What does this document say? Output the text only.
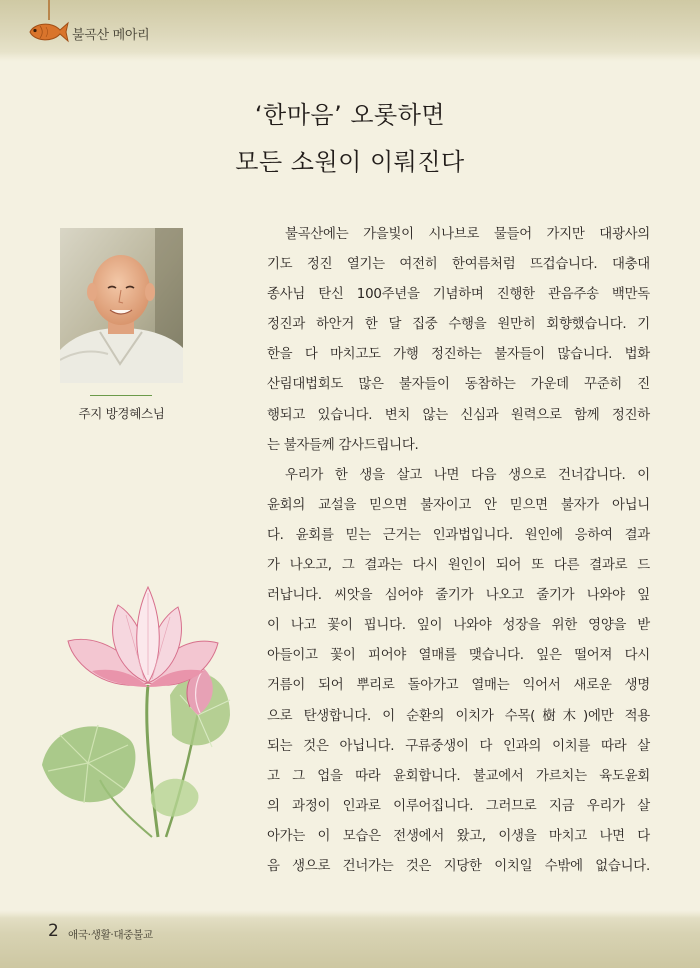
불곡산 메아리
‘한마음’ 오롯하면
모든 소원이 이뤄진다
주지 방경혜스님
불곡산에는 가을빛이 시나브로 물들어 가지만 대광사의
기도 정진 열기는 여전히 한여름처럼 뜨겁습니다. 대충대
종사님 탄신 100주년을 기념하며 진행한 관음주송 백만독
정진과 하안거 한 달 집중 수행을 원만히 회향했습니다. 기
한을 다 마치고도 가행 정진하는 불자들이 많습니다. 법화
산림대법회도 많은 불자들이 동참하는 가운데 꾸준히 진
행되고 있습니다. 변치 않는 신심과 원력으로 함께 정진하
는 불자들께 감사드립니다.
우리가 한 생을 살고 나면 다음 생으로 건너갑니다. 이
윤회의 교설을 믿으면 불자이고 안 믿으면 불자가 아닙니
다. 윤회를 믿는 근거는 인과법입니다. 원인에 응하여 결과
가 나오고, 그 결과는 다시 원인이 되어 또 다른 결과로 드
러납니다. 씨앗을 심어야 줄기가 나오고 줄기가 나와야 잎
이 나고 꽃이 핍니다. 잎이 나와야 성장을 위한 영양을 받
아들이고 꽃이 피어야 열매를 맺습니다. 잎은 떨어져 다시
거름이 되어 뿌리로 돌아가고 열매는 익어서 새로운 생명
으로 탄생합니다. 이 순환의 이치가 수목(樹木)에만 적용
되는 것은 아닙니다. 구류중생이 다 인과의 이치를 따라 살
고 그 업을 따라 윤회합니다. 불교에서 가르치는 육도윤회
의 과정이 인과로 이루어집니다. 그러므로 지금 우리가 살
아가는 이 모습은 전생에서 왔고, 이생을 마치고 나면 다
음 생으로 건너가는 것은 지당한 이치일 수밖에 없습니다.
2 애국·생활·대중불교
